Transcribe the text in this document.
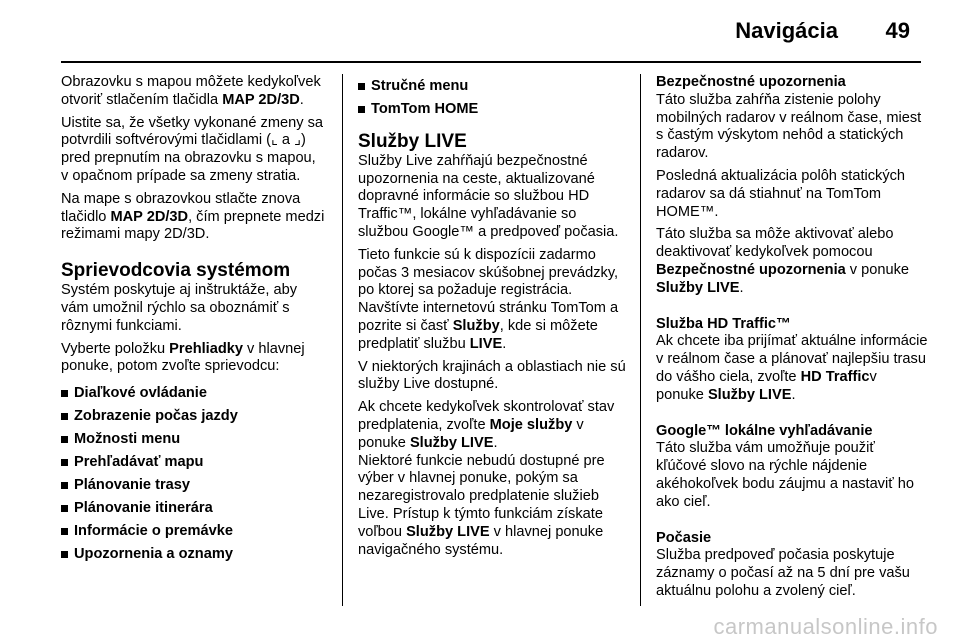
Navigácia 49

Obrazovku s mapou môžete kedykoľvek otvoriť stlačením tlačidla MAP 2D/3D.

Uistite sa, že všetky vykonané zmeny sa potvrdili softvérovými tlačidlami (⌞ a ⌟) pred prepnutím na obrazovku s mapou, v opačnom prípade sa zmeny stratia.

Na mape s obrazovkou stlačte znova tlačidlo MAP 2D/3D, čím prepnete medzi režimami mapy 2D/3D.

Sprievodcovia systémom

Systém poskytuje aj inštruktáže, aby vám umožnil rýchlo sa oboznámiť s rôznymi funkciami.

Vyberte položku Prehliadky v hlavnej ponuke, potom zvoľte sprievodcu:

Diaľkové ovládanie
Zobrazenie počas jazdy
Možnosti menu
Prehľadávať mapu
Plánovanie trasy
Plánovanie itinerára
Informácie o premávke
Upozornenia a oznamy
Stručné menu
TomTom HOME
Služby LIVE

Služby Live zahŕňajú bezpečnostné upozornenia na ceste, aktualizované dopravné informácie so službou HD Traffic™, lokálne vyhľadávanie so službou Google™ a predpoveď počasia.

Tieto funkcie sú k dispozícii zadarmo počas 3 mesiacov skúšobnej prevádzky, po ktorej sa požaduje registrácia. Navštívte internetovú stránku TomTom a pozrite si časť Služby, kde si môžete predplatiť službu LIVE.

V niektorých krajinách a oblastiach nie sú služby Live dostupné.

Ak chcete kedykoľvek skontrolovať stav predplatenia, zvoľte Moje služby v ponuke Služby LIVE.
Niektoré funkcie nebudú dostupné pre výber v hlavnej ponuke, pokým sa nezaregistrovalo predplatenie služieb Live. Prístup k týmto funkciám získate voľbou Služby LIVE v hlavnej ponuke navigačného systému.

Bezpečnostné upozornenia

Táto služba zahŕňa zistenie polohy mobilných radarov v reálnom čase, miest s častým výskytom nehôd a statických radarov.

Posledná aktualizácia polôh statických radarov sa dá stiahnuť na TomTom HOME™.

Táto služba sa môže aktivovať alebo deaktivovať kedykoľvek pomocou Bezpečnostné upozornenia v ponuke Služby LIVE.

Služba HD Traffic™

Ak chcete iba prijímať aktuálne informácie v reálnom čase a plánovať najlepšiu trasu do vášho ciela, zvoľte HD Trafficv ponuke Služby LIVE.

Google™ lokálne vyhľadávanie

Táto služba vám umožňuje použiť kľúčové slovo na rýchle nájdenie akéhokoľvek bodu záujmu a nastaviť ho ako cieľ.

Počasie

Služba predpoveď počasia poskytuje záznamy o počasí až na 5 dní pre vašu aktuálnu polohu a zvolený cieľ.

carmanualsonline.info
